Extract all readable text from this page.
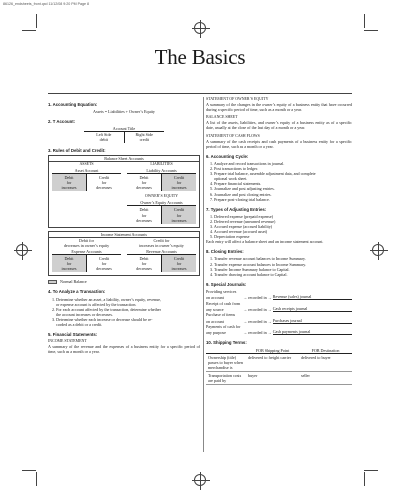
86126_endsheets_front.qxd 11/12/08 9:20 PM Page 8
The Basics
1. Accounting Equation:
Assets = Liabilities + Owner’s Equity
2. T Account:
Account Title
Left Side
debit
Right Side
credit
3. Rules of Debit and Credit:
Balance Sheet Accounts
ASSETS
Asset Account
Debit
for
increases
Credit
for
decreases
LIABILITIES
Liability Accounts
Debit
for
decreases
Credit
for
increases
OWNER’S EQUITY
Owner’s Equity Accounts
Debit
for
decreases
Credit
for
increases
Income Statement Accounts
Debit for
decreases in owner’s equity
Expense Accounts
Debit
for
increases
Credit
for
decreases
Credit for
increases in owner’s equity
Revenue Accounts
Debit
for
decreases
Credit
for
increases
Normal Balance
4. To Analyze a Transaction:
1. Determine whether an asset, a liability, owner’s equity, revenue,
or expense account is affected by the transaction.
2. For each account affected by the transaction, determine whether
the account increases or decreases.
3. Determine whether each increase or decrease should be re-
corded as a debit or a credit.
5. Financial Statements:
INCOME STATEMENT
A summary of the revenue and the expenses of a business entity for a specific period of time, such as a month or a year.
STATEMENT OF OWNER’S EQUITY
A summary of the changes in the owner’s equity of a business entity that have occurred during a specific period of time, such as a month or a year.
BALANCE SHEET
A list of the assets, liabilities, and owner’s equity of a business entity as of a specific date, usually at the close of the last day of a month or a year.
STATEMENT OF CASH FLOWS
A summary of the cash receipts and cash payments of a business entity for a specific period of time, such as a month or a year.
6. Accounting Cycle:
1. Analyze and record transactions in journal.
2. Post transactions to ledger.
3. Prepare trial balance, assemble adjustment data, and complete
optional work sheet.
4. Prepare financial statements.
5. Journalize and post adjusting entries.
6. Journalize and post closing entries.
7. Prepare post-closing trial balance.
7. Types of Adjusting Entries:
1. Deferred expense (prepaid expense)
2. Deferred revenue (unearned revenue)
3. Accrued expense (accrued liability)
4. Accrued revenue (accrued asset)
5. Depreciation expense
Each entry will affect a balance sheet and an income statement account.
8. Closing Entries:
1. Transfer revenue account balances to Income Summary.
2. Transfer expense account balances to Income Summary.
3. Transfer Income Summary balance to Capital.
4. Transfer drawing account balance to Capital.
9. Special Journals:
Providing services
on account	→ recorded in → Revenue (sales) journal
Receipt of cash from
any source	→ recorded in → Cash receipts journal
Purchase of items
on account	→ recorded in → Purchases journal
Payments of cash for
any purpose	→ recorded in → Cash payments journal
10. Shipping Terms:
FOB Shipping Point	FOB Destination
Ownership (title) passes to buyer when merchandise is
delivered to freight carrier	delivered to buyer
Transportation costs are paid by
buyer	seller
